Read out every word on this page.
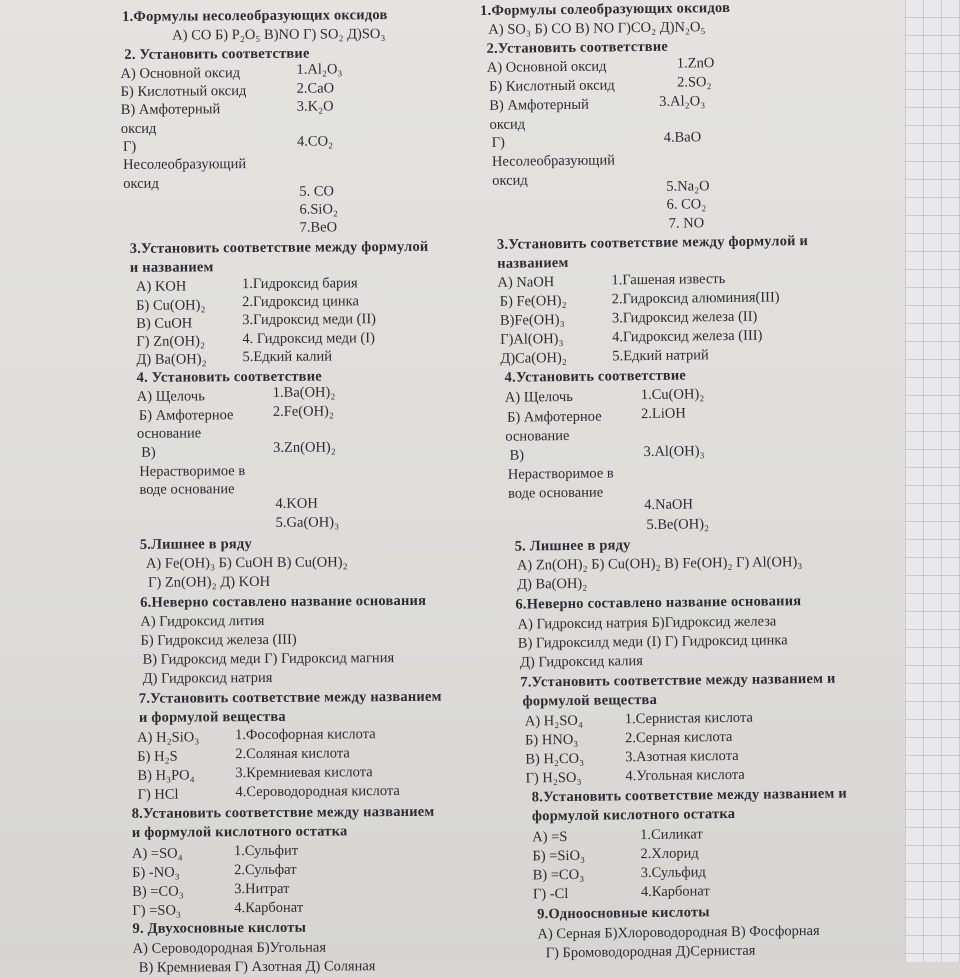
1.Формулы несолеобразующих оксидов
А) CO Б) P₂O₅ В)NO Г) SO₂ Д)SO₃
2. Установить соответствие
А) Основной оксид
Б) Кислотный оксид
В) Амфотерный
оксид
Г)
Несолеобразующий
оксид
1.Al₂O₃
2.CaO
3.K₂O
4.CO₂
5. CO
6.SiO₂
7.BeO
3.Установить соответствие между формулой
и названием
А) KOH
Б) Cu(OH)₂
В) CuOH
Г) Zn(OH)₂
Д) Ba(OH)₂
1.Гидроксид бария
2.Гидроксид цинка
3.Гидроксид меди (II)
4. Гидроксид меди (I)
5.Едкий калий
4. Установить соответствие
А) Щелочь
Б) Амфотерное
основание
В)
Нерастворимое в
воде основание
1.Ba(OH)₂
2.Fe(OH)₂
3.Zn(OH)₂
4.KOH
5.Ga(OH)₃
5.Лишнее в ряду
А) Fe(OH)₃ Б) CuOH В) Cu(OH)₂
Г) Zn(OH)₂ Д) KOH
6.Неверно составлено название основания
А) Гидроксид лития
Б) Гидроксид железа (III)
В) Гидроксид меди Г) Гидроксид магния
Д) Гидроксид натрия
7.Установить соответствие между названием
и формулой вещества
А) H₂SiO₃
Б) H₂S
В) H₃PO₄
Г) HCl
1.Фософорная кислота
2.Соляная кислота
3.Кремниевая кислота
4.Сероводородная кислота
8.Установить соответствие между названием
и формулой кислотного остатка
А) =SO₄
Б) -NO₃
В) =CO₃
Г) =SO₃
1.Сульфит
2.Сульфат
3.Нитрат
4.Карбонат
9. Двухосновные кислоты
А) Сероводородная Б)Угольная
В) Кремниевая Г) Азотная Д) Соляная
1.Формулы солеобразующих оксидов
А) SO₃ Б) CO В) NO Г)CO₂ Д)N₂O₅
2.Установить соответствие
А) Основной оксид
Б) Кислотный оксид
В) Амфотерный
оксид
Г)
Несолеобразующий
оксид
1.ZnO
2.SO₂
3.Al₂O₃
4.BaO
5.Na₂O
6. CO₂
7. NO
3.Установить соответствие между формулой и
названием
А) NaOH
Б) Fe(OH)₂
В)Fe(OH)₃
Г)Al(OH)₃
Д)Ca(OH)₂
1.Гашеная известь
2.Гидроксид алюминия(III)
3.Гидроксид железа (II)
4.Гидроксид железа (III)
5.Едкий натрий
4.Установить соответствие
А) Щелочь
Б) Амфотерное
основание
В)
Нерастворимое в
воде основание
1.Cu(OH)₂
2.LiOH
3.Al(OH)₃
4.NaOH
5.Be(OH)₂
5. Лишнее в ряду
А) Zn(OH)₂ Б) Cu(OH)₂ В) Fe(OH)₂ Г) Al(OH)₃
Д) Ba(OH)₂
6.Неверно составлено название основания
А) Гидроксид натрия Б)Гидроксид железа
В) Гидроксилд меди (I) Г) Гидроксид цинка
Д) Гидроксид калия
7.Установить соответствие между названием и
формулой вещества
А) H₂SO₄
Б) HNO₃
В) H₂CO₃
Г) H₂SO₃
1.Сернистая кислота
2.Серная кислота
3.Азотная кислота
4.Угольная кислота
8.Установить соответствие между названием и
формулой кислотного остатка
А) =S
Б) =SiO₃
В) =CO₃
Г) -Cl
1.Силикат
2.Хлорид
3.Сульфид
4.Карбонат
9.Одноосновные кислоты
А) Серная Б)Хлороводородная В) Фосфорная
Г) Бромоводородная Д)Сернистая
